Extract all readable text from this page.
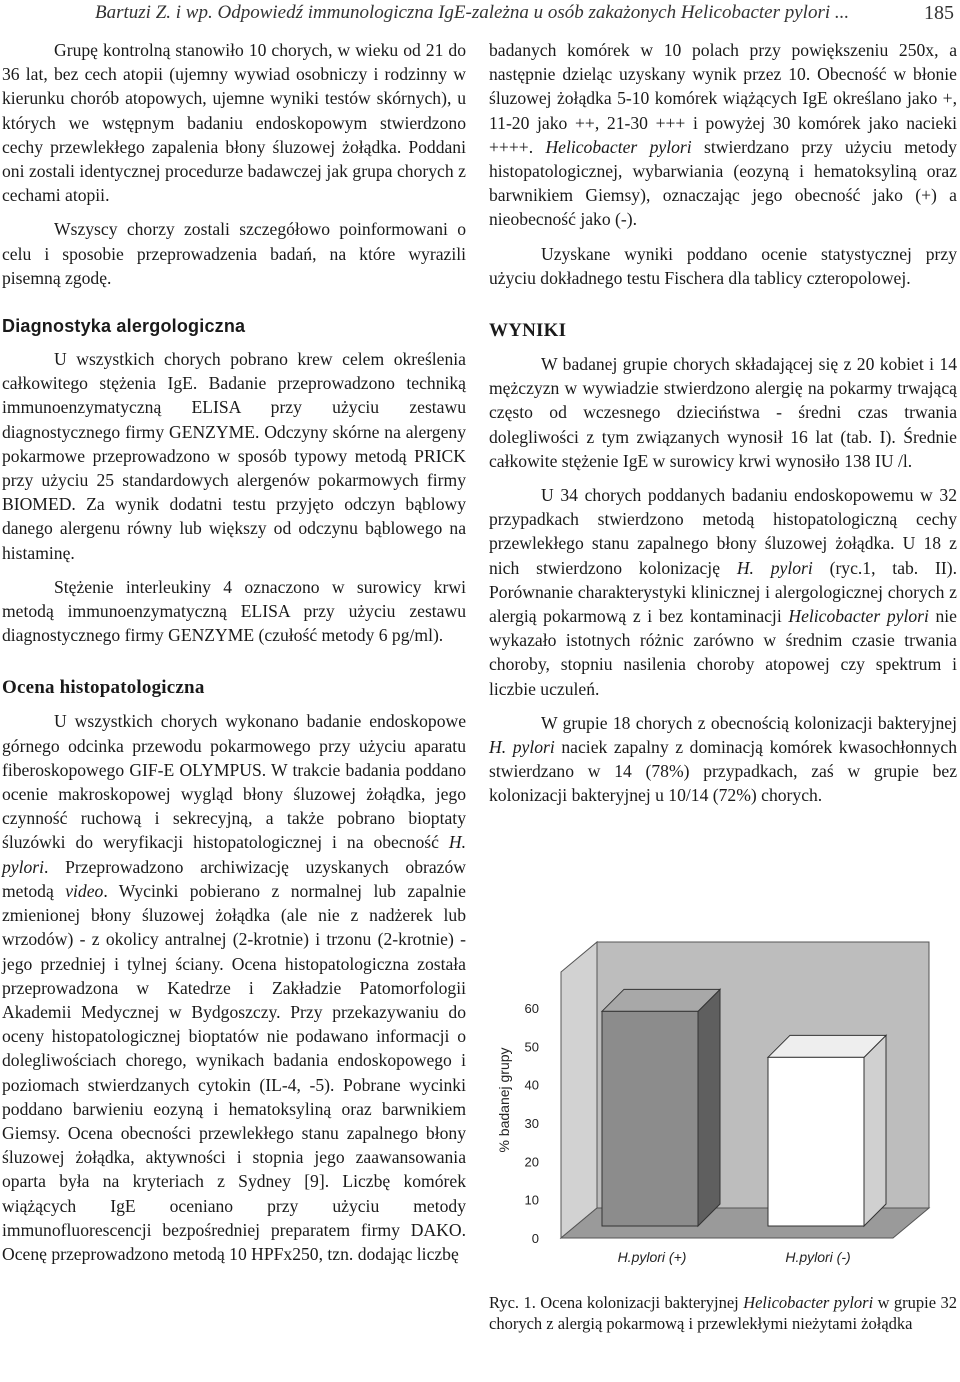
Bartuzi Z. i wp. Odpowiedź immunologiczna IgE-zależna u osób zakażonych Helicobacter pylori ...	185

Grupę kontrolną stanowiło 10 chorych, w wieku od 21 do 36 lat, bez cech atopii (ujemny wywiad osobniczy i rodzinny w kierunku chorób atopowych, ujemne wyniki testów skórnych), u których we wstępnym badaniu endoskopowym stwierdzono cechy przewlekłego zapalenia błony śluzowej żołądka. Poddani oni zostali identycznej procedurze badawczej jak grupa chorych z cechami atopii.

Wszyscy chorzy zostali szczegółowo poinformowani o celu i sposobie przeprowadzenia badań, na które wyrazili pisemną zgodę.

Diagnostyka alergologiczna

U wszystkich chorych pobrano krew celem określenia całkowitego stężenia IgE. Badanie przeprowadzono techniką immunoenzymatyczną ELISA przy użyciu zestawu diagnostycznego firmy GENZYME. Odczyny skórne na alergeny pokarmowe przeprowadzono w sposób typowy metodą PRICK przy użyciu 25 standardowych alergenów pokarmowych firmy BIOMED. Za wynik dodatni testu przyjęto odczyn bąblowy danego alergenu równy lub większy od odczynu bąblowego na histaminę.

Stężenie interleukiny 4 oznaczono w surowicy krwi metodą immunoenzymatyczną ELISA przy użyciu zestawu diagnostycznego firmy GENZYME (czułość metody 6 pg/ml).

Ocena histopatologiczna

U wszystkich chorych wykonano badanie endoskopowe górnego odcinka przewodu pokarmowego przy użyciu aparatu fiberoskopowego GIF-E OLYMPUS. W trakcie badania poddano ocenie makroskopowej wygląd błony śluzowej żołądka, jego czynność ruchową i sekrecyjną, a także pobrano bioptaty śluzówki do weryfikacji histopatologicznej i na obecność H. pylori. Przeprowadzono archiwizację uzyskanych obrazów metodą video. Wycinki pobierano z normalnej lub zapalnie zmienionej błony śluzowej żołądka (ale nie z nadżerek lub wrzodów) - z okolicy antralnej (2-krotnie) i trzonu (2-krotnie) - jego przedniej i tylnej ściany. Ocena histopatologiczna została przeprowadzona w Katedrze i Zakładzie Patomorfologii Akademii Medycznej w Bydgoszczy. Przy przekazywaniu do oceny histopatologicznej bioptatów nie podawano informacji o dolegliwościach chorego, wynikach badania endoskopowego i poziomach stwierdzanych cytokin (IL-4, -5). Pobrane wycinki poddano barwieniu eozyną i hematoksyliną oraz barwnikiem Giemsy. Ocena obecności przewlekłego stanu zapalnego błony śluzowej żołądka, aktywności i stopnia jego zaawansowania oparta była na kryteriach z Sydney [9]. Liczbę komórek wiążących IgE oceniano przy użyciu metody immunofluorescencji bezpośredniej preparatem firmy DAKO. Ocenę przeprowadzono metodą 10 HPFx250, tzn. dodając liczbę

badanych komórek w 10 polach przy powiększeniu 250x, a następnie dzieląc uzyskany wynik przez 10. Obecność w błonie śluzowej żołądka 5-10 komórek wiążących IgE określano jako +, 11-20 jako ++, 21-30 +++ i powyżej 30 komórek jako nacieki ++++. Helicobacter pylori stwierdzano przy użyciu metody histopatologicznej, wybarwiania (eozyną i hematoksyliną oraz barwnikiem Giemsy), oznaczając jego obecność jako (+) a nieobecność jako (-).

Uzyskane wyniki poddano ocenie statystycznej przy użyciu dokładnego testu Fischera dla tablicy czteropolowej.

WYNIKI

W badanej grupie chorych składającej się z 20 kobiet i 14 mężczyzn w wywiadzie stwierdzono alergię na pokarmy trwającą często od wczesnego dzieciństwa - średni czas trwania dolegliwości z tym związanych wynosił 16 lat (tab. I). Średnie całkowite stężenie IgE w surowicy krwi wynosiło 138 IU /l.

U 34 chorych poddanych badaniu endoskopowemu w 32 przypadkach stwierdzono metodą histopatologiczną cechy przewlekłego stanu zapalnego błony śluzowej żołądka. U 18 z nich stwierdzono kolonizację H. pylori (ryc.1, tab. II). Porównanie charakterystyki klinicznej i alergologicznej chorych z alergią pokarmową z i bez kontaminacji Helicobacter pylori nie wykazało istotnych różnic zarówno w średnim czasie trwania choroby, stopniu nasilenia choroby atopowej czy spektrum i liczbie uczuleń.

W grupie 18 chorych z obecnością kolonizacji bakteryjnej H. pylori naciek zapalny z dominacją komórek kwasochłonnych stwierdzano w 14 (78%) przypadkach, zaś w grupie bez kolonizacji bakteryjnej u 10/14 (72%) chorych.

0
10
20
30
40
50
60
% badanej grupy
H.pylori (+)	H.pylori (-)
Ryc. 1. Ocena kolonizacji bakteryjnej Helicobacter pylori w grupie 32 chorych z alergią pokarmową i przewlekłymi nieżytami żołądka
